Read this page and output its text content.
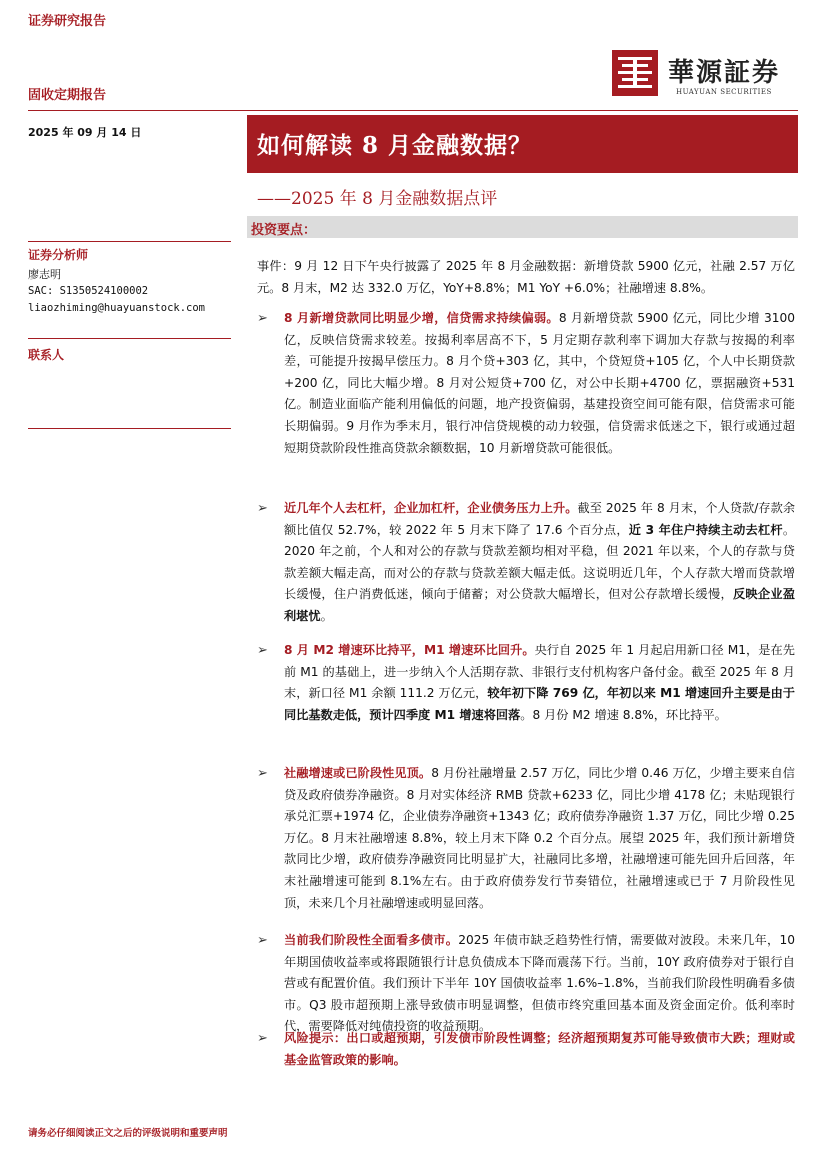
证券研究报告
固收定期报告
華源証券
HUAYUAN SECURITIES
2025 年 09 月 14 日	如何解读 8 月金融数据？
——2025 年 8 月金融数据点评
投资要点：
证券分析师
廖志明
SAC: S1350524100002
liaozhiming@huayuanstock.com
联系人
事件：9 月 12 日下午央行披露了 2025 年 8 月金融数据：新增贷款 5900 亿元，社融 2.57 万亿元。8 月末，M2 达 332.0 万亿，YoY+8.8%；M1 YoY +6.0%；社融增速 8.8%。
➢ 8 月新增贷款同比明显少增，信贷需求持续偏弱。8 月新增贷款 5900 亿元，同比少增 3100 亿，反映信贷需求较差。按揭利率居高不下，5 月定期存款利率下调加大存款与按揭的利率差，可能提升按揭早偿压力。8 月个贷+303 亿，其中，个贷短贷+105 亿，个人中长期贷款+200 亿，同比大幅少增。8 月对公短贷+700 亿，对公中长期+4700 亿，票据融资+531 亿。制造业面临产能利用偏低的问题，地产投资偏弱，基建投资空间可能有限，信贷需求可能长期偏弱。9 月作为季末月，银行冲信贷规模的动力较强，信贷需求低迷之下，银行或通过超短期贷款阶段性推高贷款余额数据，10 月新增贷款可能很低。
➢ 近几年个人去杠杆，企业加杠杆，企业债务压力上升。截至 2025 年 8 月末，个人贷款/存款余额比值仅 52.7%，较 2022 年 5 月末下降了 17.6 个百分点，近 3 年住户持续主动去杠杆。2020 年之前，个人和对公的存款与贷款差额均相对平稳，但 2021 年以来，个人的存款与贷款差额大幅走高，而对公的存款与贷款差额大幅走低。这说明近几年，个人存款大增而贷款增长缓慢，住户消费低迷，倾向于储蓄；对公贷款大幅增长，但对公存款增长缓慢，反映企业盈利堪忧。
➢ 8 月 M2 增速环比持平，M1 增速环比回升。央行自 2025 年 1 月起启用新口径 M1，是在先前 M1 的基础上，进一步纳入个人活期存款、非银行支付机构客户备付金。截至 2025 年 8 月末，新口径 M1 余额 111.2 万亿元，较年初下降 769 亿，年初以来 M1 增速回升主要是由于同比基数走低，预计四季度 M1 增速将回落。8 月份 M2 增速 8.8%，环比持平。
➢ 社融增速或已阶段性见顶。8 月份社融增量 2.57 万亿，同比少增 0.46 万亿，少增主要来自信贷及政府债券净融资。8 月对实体经济 RMB 贷款+6233 亿，同比少增 4178 亿；未贴现银行承兑汇票+1974 亿，企业债券净融资+1343 亿；政府债券净融资 1.37 万亿，同比少增 0.25 万亿。8 月末社融增速 8.8%，较上月末下降 0.2 个百分点。展望 2025 年，我们预计新增贷款同比少增，政府债券净融资同比明显扩大，社融同比多增，社融增速可能先回升后回落，年末社融增速可能到 8.1%左右。由于政府债券发行节奏错位，社融增速或已于 7 月阶段性见顶，未来几个月社融增速或明显回落。
➢ 当前我们阶段性全面看多债市。2025 年债市缺乏趋势性行情，需要做对波段。未来几年，10 年期国债收益率或将跟随银行计息负债成本下降而震荡下行。当前，10Y 政府债券对于银行自营或有配置价值。我们预计下半年 10Y 国债收益率 1.6%–1.8%，当前我们阶段性明确看多债市。Q3 股市超预期上涨导致债市明显调整，但债市终究重回基本面及资金面定价。低利率时代，需要降低对纯债投资的收益预期。
➢ 风险提示：出口或超预期，引发债市阶段性调整；经济超预期复苏可能导致债市大跌；理财或基金监管政策的影响。
请务必仔细阅读正文之后的评级说明和重要声明
